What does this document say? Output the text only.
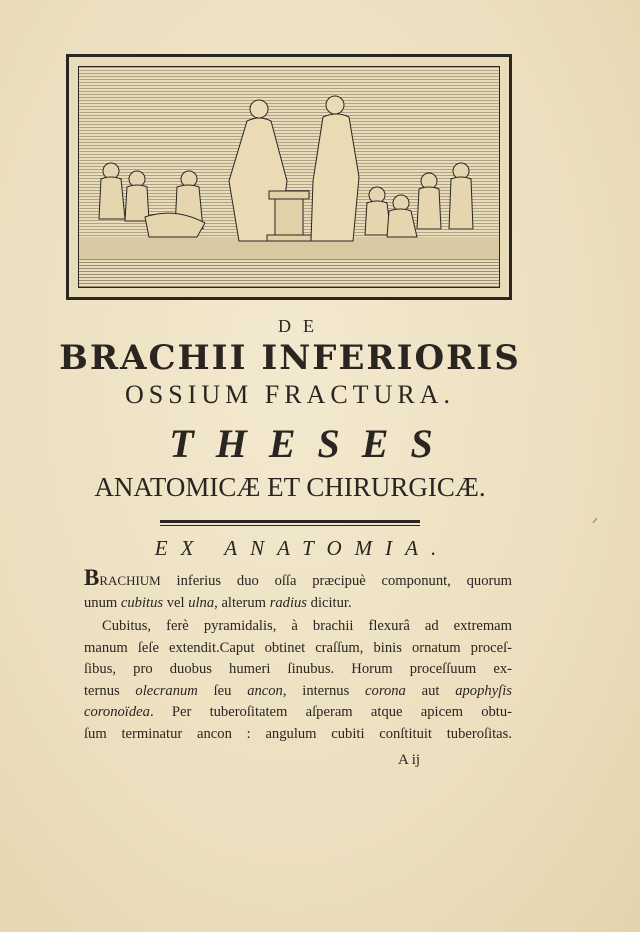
DE
BRACHII INFERIORIS
OSSIUM FRACTURA.
THESES
ANATOMICÆ ET CHIRURGICÆ.
EX ANATOMIA.
BRACHIUM inferius duo oſſa præcipuè componunt, quorum
unum cubitus vel ulna, alterum radius dicitur.
Cubitus, ferè pyramidalis, à brachii flexurâ ad extremam
manum ſeſe extendit.Caput obtinet craſſum, binis ornatum proceſ-
ſibus, pro duobus humeri ſinubus. Horum proceſſuum ex-
ternus olecranum ſeu ancon, internus corona aut apophyſis
coronoïdea. Per tuberoſitatem aſperam atque apicem obtu-
ſum terminatur ancon : angulum cubiti conſtituit tuberoſitas.
A ij
